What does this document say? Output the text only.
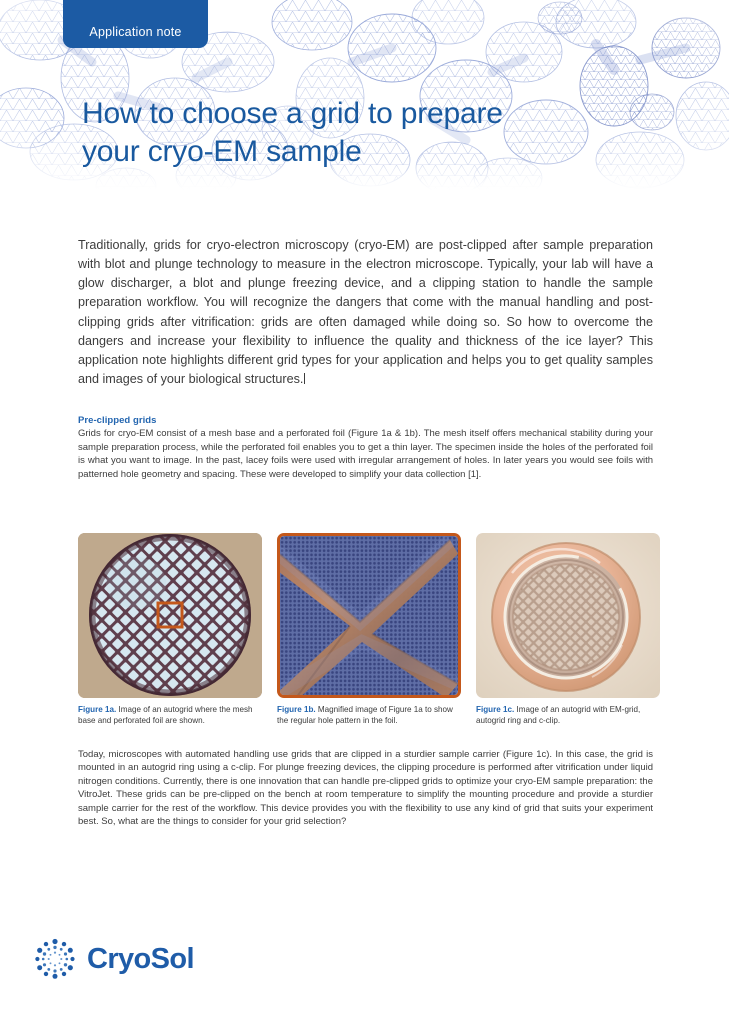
Application note
How to choose a grid to prepare
your cryo-EM sample

Traditionally, grids for cryo-electron microscopy (cryo-EM) are post-clipped after sample preparation with blot and plunge technology to measure in the electron microscope. Typically, your lab will have a glow discharger, a blot and plunge freezing device, and a clipping station to handle the sample preparation workflow. You will recognize the dangers that come with the manual handling and post-clipping grids after vitrification: grids are often damaged while doing so. So how to overcome the dangers and increase your flexibility to influence the quality and thickness of the ice layer? This application note highlights different grid types for your application and helps you to get quality samples and images of your biological structures.

Pre-clipped grids

Grids for cryo-EM consist of a mesh base and a perforated foil (Figure 1a & 1b). The mesh itself offers mechanical stability during your sample preparation process, while the perforated foil enables you to get a thin layer. The specimen inside the holes of the perforated foil is what you want to image. In the past, lacey foils were used with irregular arrangement of holes. In later years you would see foils with patterned hole geometry and spacing. These were developed to simplify your data collection [1].

Figure 1a. Image of an autogrid where the mesh base and perforated foil are shown.
Figure 1b. Magnified image of Figure 1a to show the regular hole pattern in the foil.
Figure 1c. Image of an autogrid with EM-grid, autogrid ring and c-clip.

Today, microscopes with automated handling use grids that are clipped in a sturdier sample carrier (Figure 1c). In this case, the grid is mounted in an autogrid ring using a c-clip. For plunge freezing devices, the clipping procedure is performed after vitrification under liquid nitrogen conditions. Currently, there is one innovation that can handle pre-clipped grids to optimize your cryo-EM sample preparation: the VitroJet. These grids can be pre-clipped on the bench at room temperature to simplify the mounting procedure and provide a sturdier sample carrier for the rest of the workflow. This device provides you with the flexibility to use any kind of grid that suits your experiment best. So, what are the things to consider for your grid selection?

CryoSol
